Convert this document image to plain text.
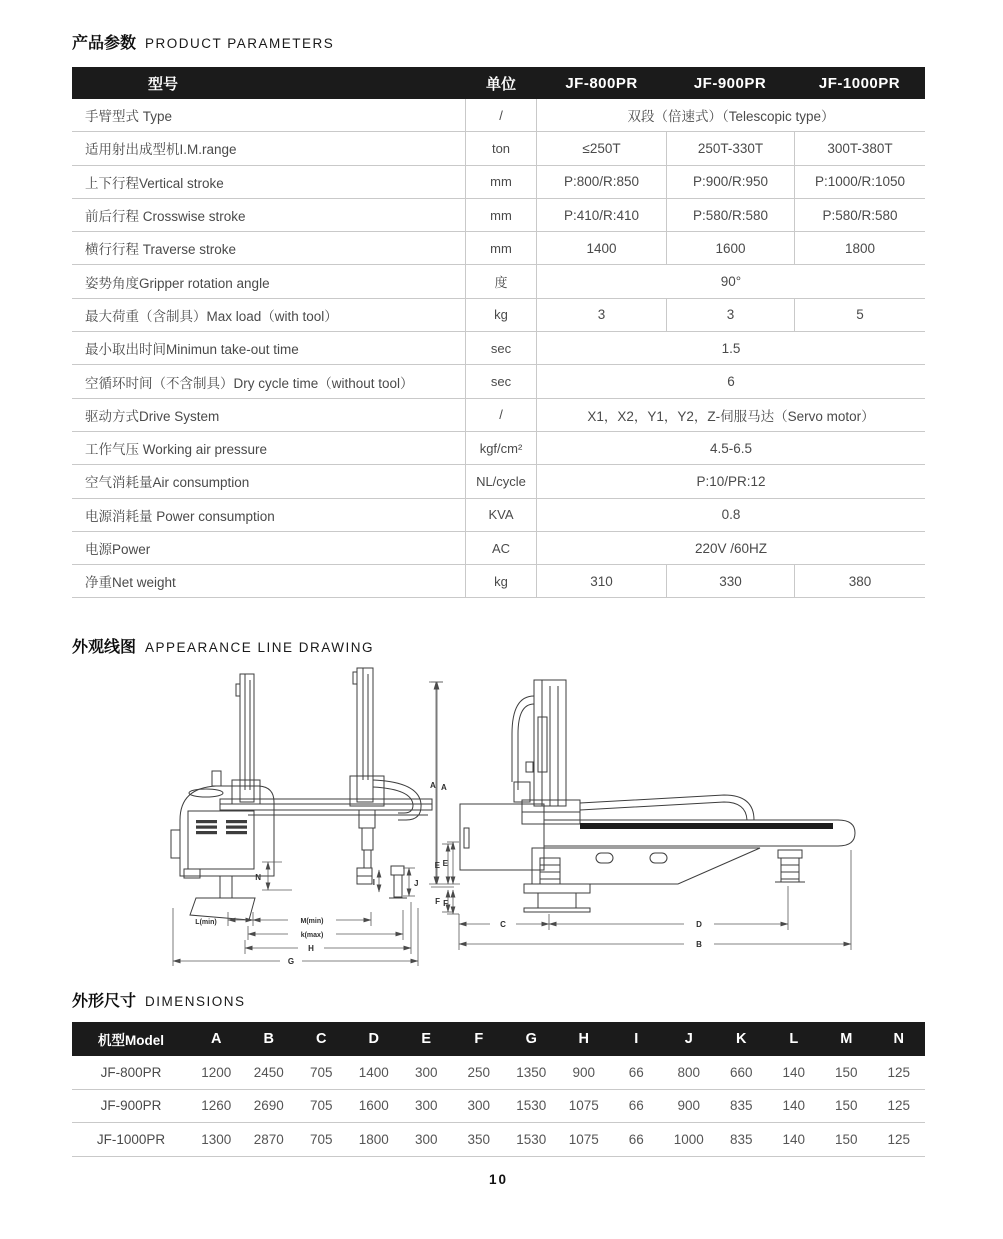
产品参数 PRODUCT PARAMETERS
型号	单位	JF-800PR	JF-900PR	JF-1000PR
手臂型式 Type	/	双段（倍速式）（Telescopic type）
适用射出成型机I.M.range	ton	≤250T	250T-330T	300T-380T
上下行程Vertical stroke	mm	P:800/R:850	P:900/R:950	P:1000/R:1050
前后行程 Crosswise stroke	mm	P:410/R:410	P:580/R:580	P:580/R:580
横行行程 Traverse stroke	mm	1400	1600	1800
姿势角度Gripper rotation angle	度	90°
最大荷重（含制具）Max load（with tool）	kg	3	3	5
最小取出时间Minimun take-out time	sec	1.5
空循环时间（不含制具）Dry cycle time（without tool）	sec	6
驱动方式Drive System	/	X1，X2，Y1，Y2，Z-伺服马达（Servo motor）
工作气压 Working air pressure	kgf/cm²	4.5-6.5
空气消耗量Air consumption	NL/cycle	P:10/PR:12
电源消耗量 Power consumption	KVA	0.8
电源Power	AC	220V /60HZ
净重Net weight	kg	310	330	380
外观线图 APPEARANCE LINE DRAWING
A
E
F
N
I	J
L(min)	M(min)
k(max)
H
G
A
E
F
C	D
B
外形尺寸 DIMENSIONS
机型Model	A	B	C	D	E	F	G	H	I	J	K	L	M	N
JF-800PR	1200	2450	705	1400	300	250	1350	900	66	800	660	140	150	125
JF-900PR	1260	2690	705	1600	300	300	1530	1075	66	900	835	140	150	125
JF-1000PR	1300	2870	705	1800	300	350	1530	1075	66	1000	835	140	150	125
10
